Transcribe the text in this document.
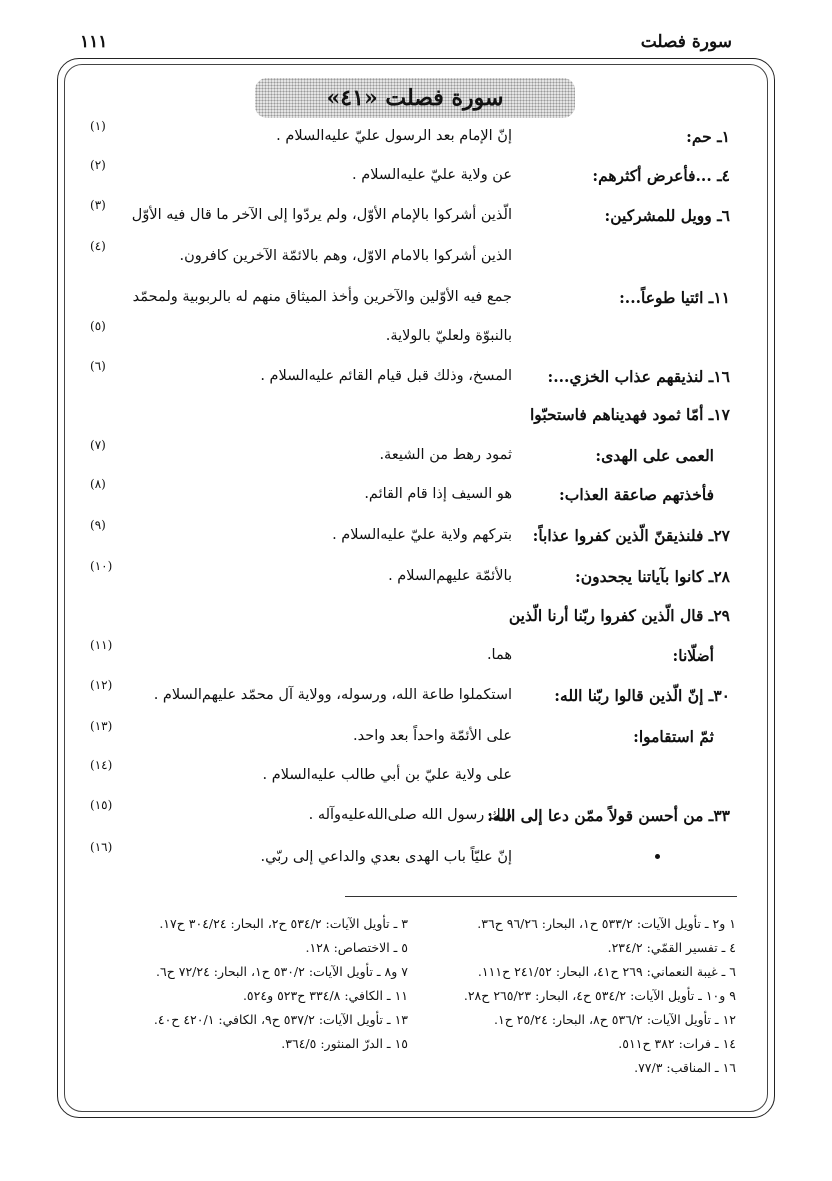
سورة فصلت
١١١
سورة فصلت «٤١»
١ـ حم:
إنّ الإمام بعد الرسول عليّ عليه‌السلام .
(١)
٤ـ ...فأعرض أكثرهم:
عن ولاية عليّ عليه‌السلام .
(٢)
٦ـ وويل للمشركين:
الّذين أشركوا بالإمام الأوّل، ولم يردّوا إلى الآخر ما قال فيه الأوّل
(٣)
الذين أشركوا بالامام الاوّل، وهم بالائمّة الآخرين كافرون.
(٤)
١١ـ ائتيا طوعاً...:
جمع فيه الأوّلين والآخرين وأخذ الميثاق منهم له بالربوبية ولمحمّد
بالنبوّة ولعليّ بالولاية.
(٥)
١٦ـ لنذيقهم عذاب الخزي...:
المسخ، وذلك قبل قيام القائم عليه‌السلام .
(٦)
١٧ـ أمّا ثمود فهديناهم فاستحبّوا
العمى على الهدى:
ثمود رهط من الشيعة.
(٧)
فأخذتهم صاعقة العذاب:
هو السيف إذا قام القائم.
(٨)
٢٧ـ فلنذيقنّ الّذين كفروا عذاباً:
بتركهم ولاية عليّ عليه‌السلام .
(٩)
٢٨ـ كانوا بآياتنا يجحدون:
بالأئمّة عليهم‌السلام .
(١٠)
٢٩ـ قال الّذين كفروا ربّنا أرنا الّذين
أضلّانا:
هما.
(١١)
٣٠ـ إنّ الّذين قالوا ربّنا الله:
استكملوا طاعة الله، ورسوله، وولاية آل محمّد عليهم‌السلام .
(١٢)
ثمّ استقاموا:
على الأئمّة واحداً بعد واحد.
(١٣)
على ولاية عليّ بن أبي طالب عليه‌السلام .
(١٤)
٣٣ـ من أحسن قولاً ممّن دعا إلى الله:
ذلك رسول الله صلى‌الله‌عليه‌وآله .
(١٥)
إنّ عليّاً باب الهدى بعدي والداعي إلى ربّي.
(١٦)
١ و٢ ـ تأويل الآيات: ٥٣٣/٢ ح١، البحار: ٩٦/٢٦ ح٣٦.
٤ ـ تفسير القمّي: ٢٣٤/٢.
٦ ـ غيبة النعماني: ٢٦٩ ح٤١، البحار: ٢٤١/٥٢ ح١١١.
٩ و١٠ ـ تأويل الآيات: ٥٣٤/٢ ح٤، البحار: ٢٦٥/٢٣ ح٢٨.
١٢ ـ تأويل الآيات: ٥٣٦/٢ ح٨، البحار: ٢٥/٢٤ ح١.
١٤ ـ فرات: ٣٨٢ ح٥١١.
١٦ ـ المناقب: ٧٧/٣.
٣ ـ تأويل الآيات: ٥٣٤/٢ ح٢، البحار: ٣٠٤/٢٤ ح١٧.
٥ ـ الاختصاص: ١٢٨.
٧ و٨ ـ تأويل الآيات: ٥٣٠/٢ ح١، البحار: ٧٢/٢٤ ح٦.
١١ ـ الكافي: ٣٣٤/٨ ح٥٢٣ و٥٢٤.
١٣ ـ تأويل الآيات: ٥٣٧/٢ ح٩، الكافي: ٤٢٠/١ ح٤٠.
١٥ ـ الدرّ المنثور: ٣٦٤/٥.
